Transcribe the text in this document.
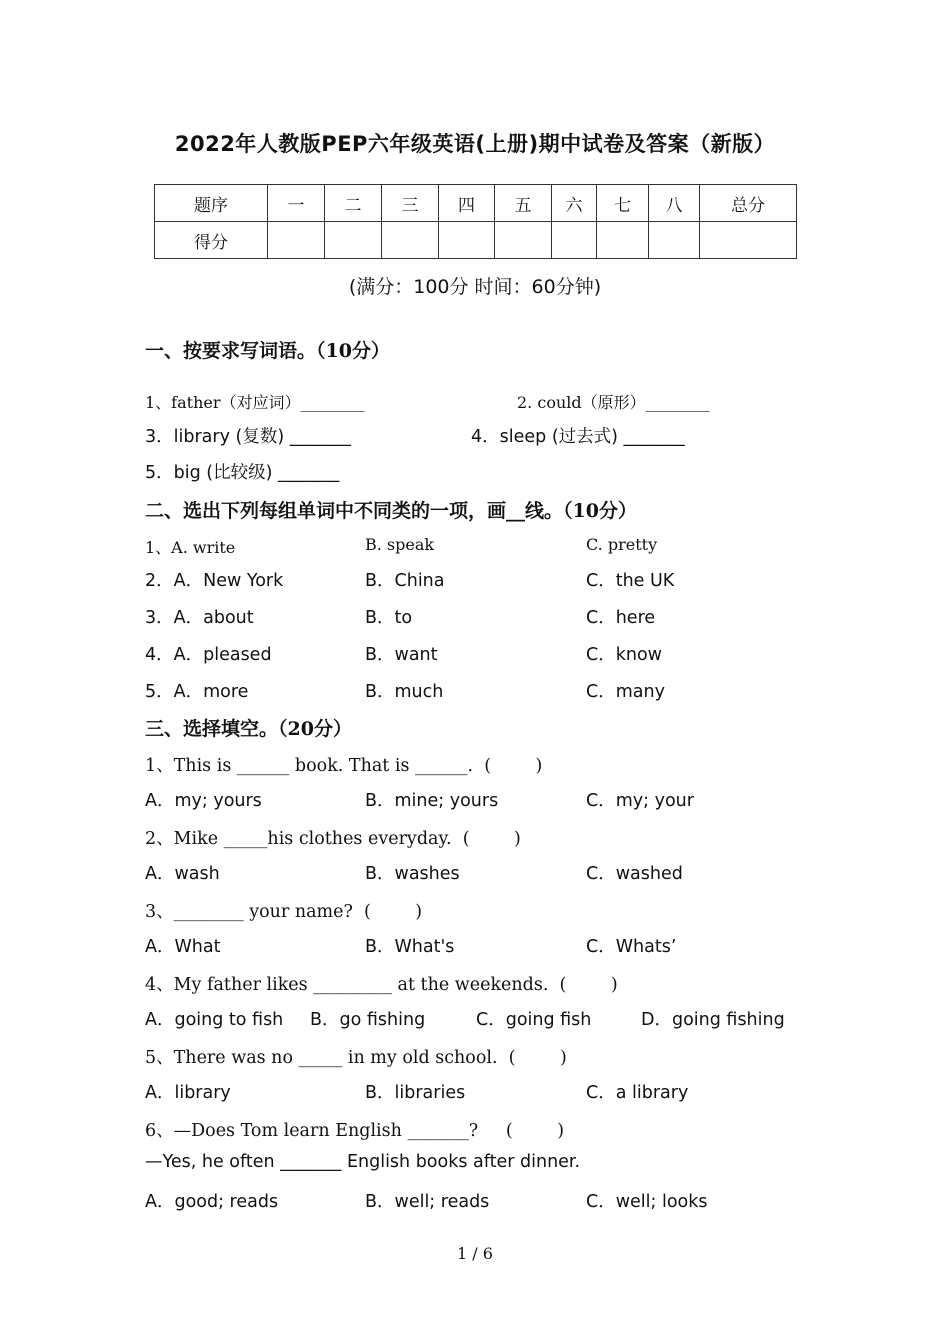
2022年人教版PEP六年级英语(上册)期中试卷及答案（新版）
题序	一	二	三	四	五	六	七	八	总分
得分									
(满分：100分 时间：60分钟)
一、按要求写词语。（10分）
1、father（对应词）________	2. could（原形）________
3．library (复数) _______	4．sleep (过去式) _______
5．big (比较级) _______
二、选出下列每组单词中不同类的一项，画__线。（10分）
1、A. write	B. speak	C. pretty
2．A．New York	B．China	C．the UK
3．A．about	B．to	C．here
4．A．pleased	B．want	C．know
5．A．more	B．much	C．many
三、选择填空。（20分）
1、This is ______ book. That is ______.  (        )
A．my; yours	B．mine; yours	C．my; your
2、Mike _____his clothes everyday.  (        )
A．wash	B．washes	C．washed
3、________ your name?  (        )
A．What	B．What's	C．Whats’
4、My father likes _________ at the weekends.  (        )
A．going to fish B．go fishing	C．going fish	D．going fishing
5、There was no _____ in my old school.  (        )
A．library	B．libraries	C．a library
6、—Does Tom learn English _______?     (        )
—Yes, he often _______ English books after dinner.
A．good; reads	B．well; reads	C．well; looks
1 / 6
